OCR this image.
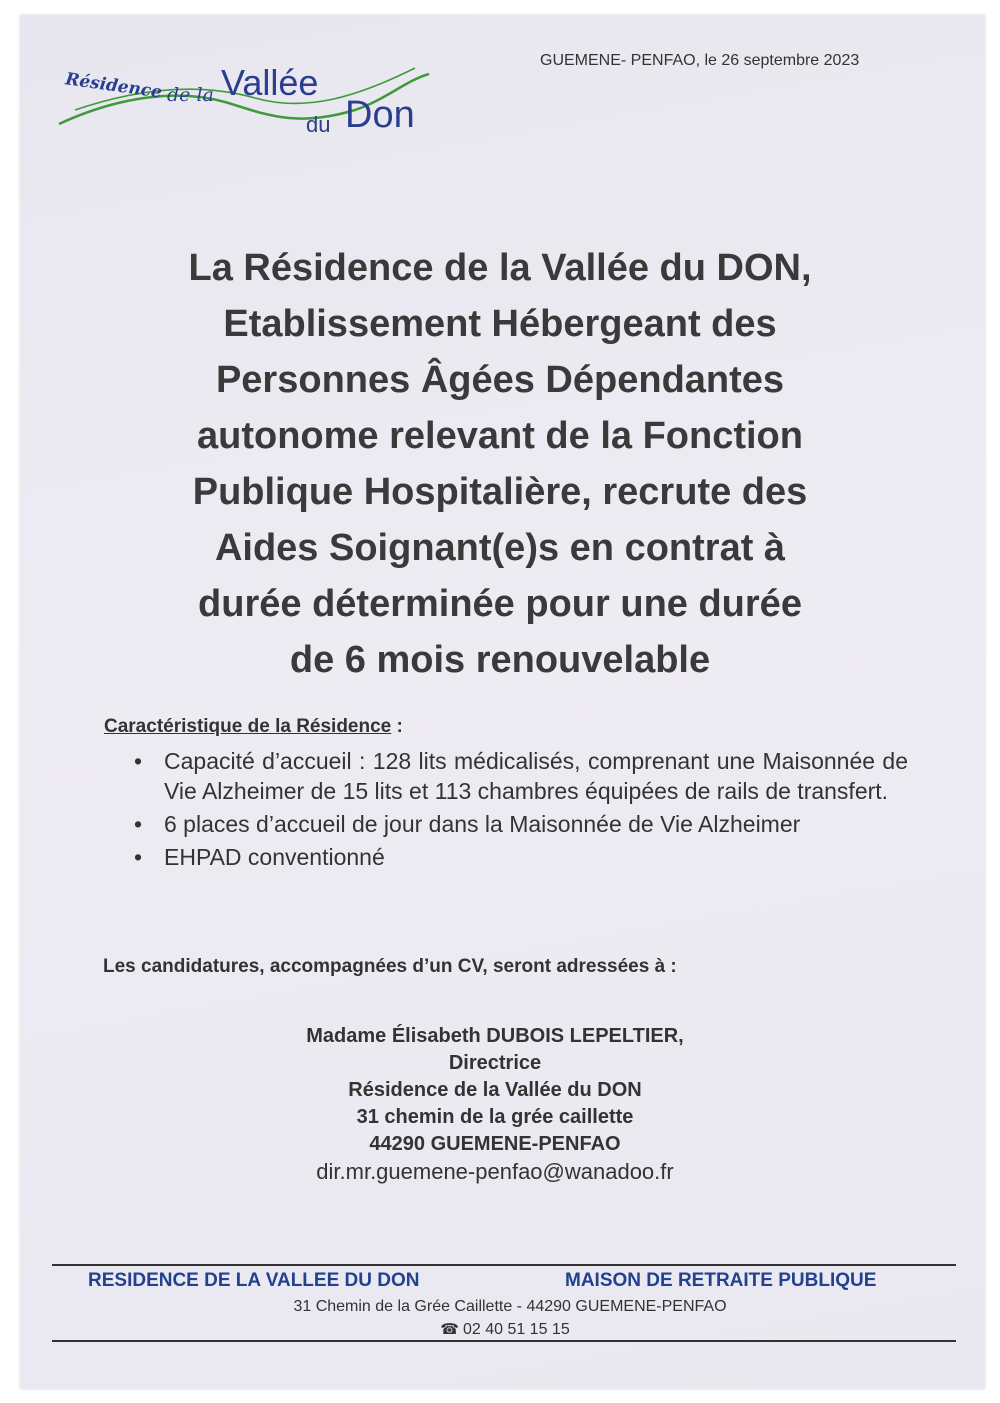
Résidence de la Vallée
du Don
GUEMENE- PENFAO, le 26 septembre 2023
La Résidence de la Vallée du DON,
Etablissement Hébergeant des
Personnes Âgées Dépendantes
autonome relevant de la Fonction
Publique Hospitalière, recrute des
Aides Soignant(e)s en contrat à
durée déterminée pour une durée
de 6 mois renouvelable
Caractéristique de la Résidence :
• Capacité d’accueil : 128 lits médicalisés, comprenant une Maisonnée de Vie Alzheimer de 15 lits et 113 chambres équipées de rails de transfert.
• 6 places d’accueil de jour dans la Maisonnée de Vie Alzheimer
• EHPAD conventionné
Les candidatures, accompagnées d’un CV, seront adressées à :
Madame Élisabeth DUBOIS LEPELTIER,
Directrice
Résidence de la Vallée du DON
31 chemin de la grée caillette
44290 GUEMENE-PENFAO
dir.mr.guemene-penfao@wanadoo.fr
RESIDENCE DE LA VALLEE DU DON	MAISON DE RETRAITE PUBLIQUE
31 Chemin de la Grée Caillette - 44290 GUEMENE-PENFAO
☎ 02 40 51 15 15
